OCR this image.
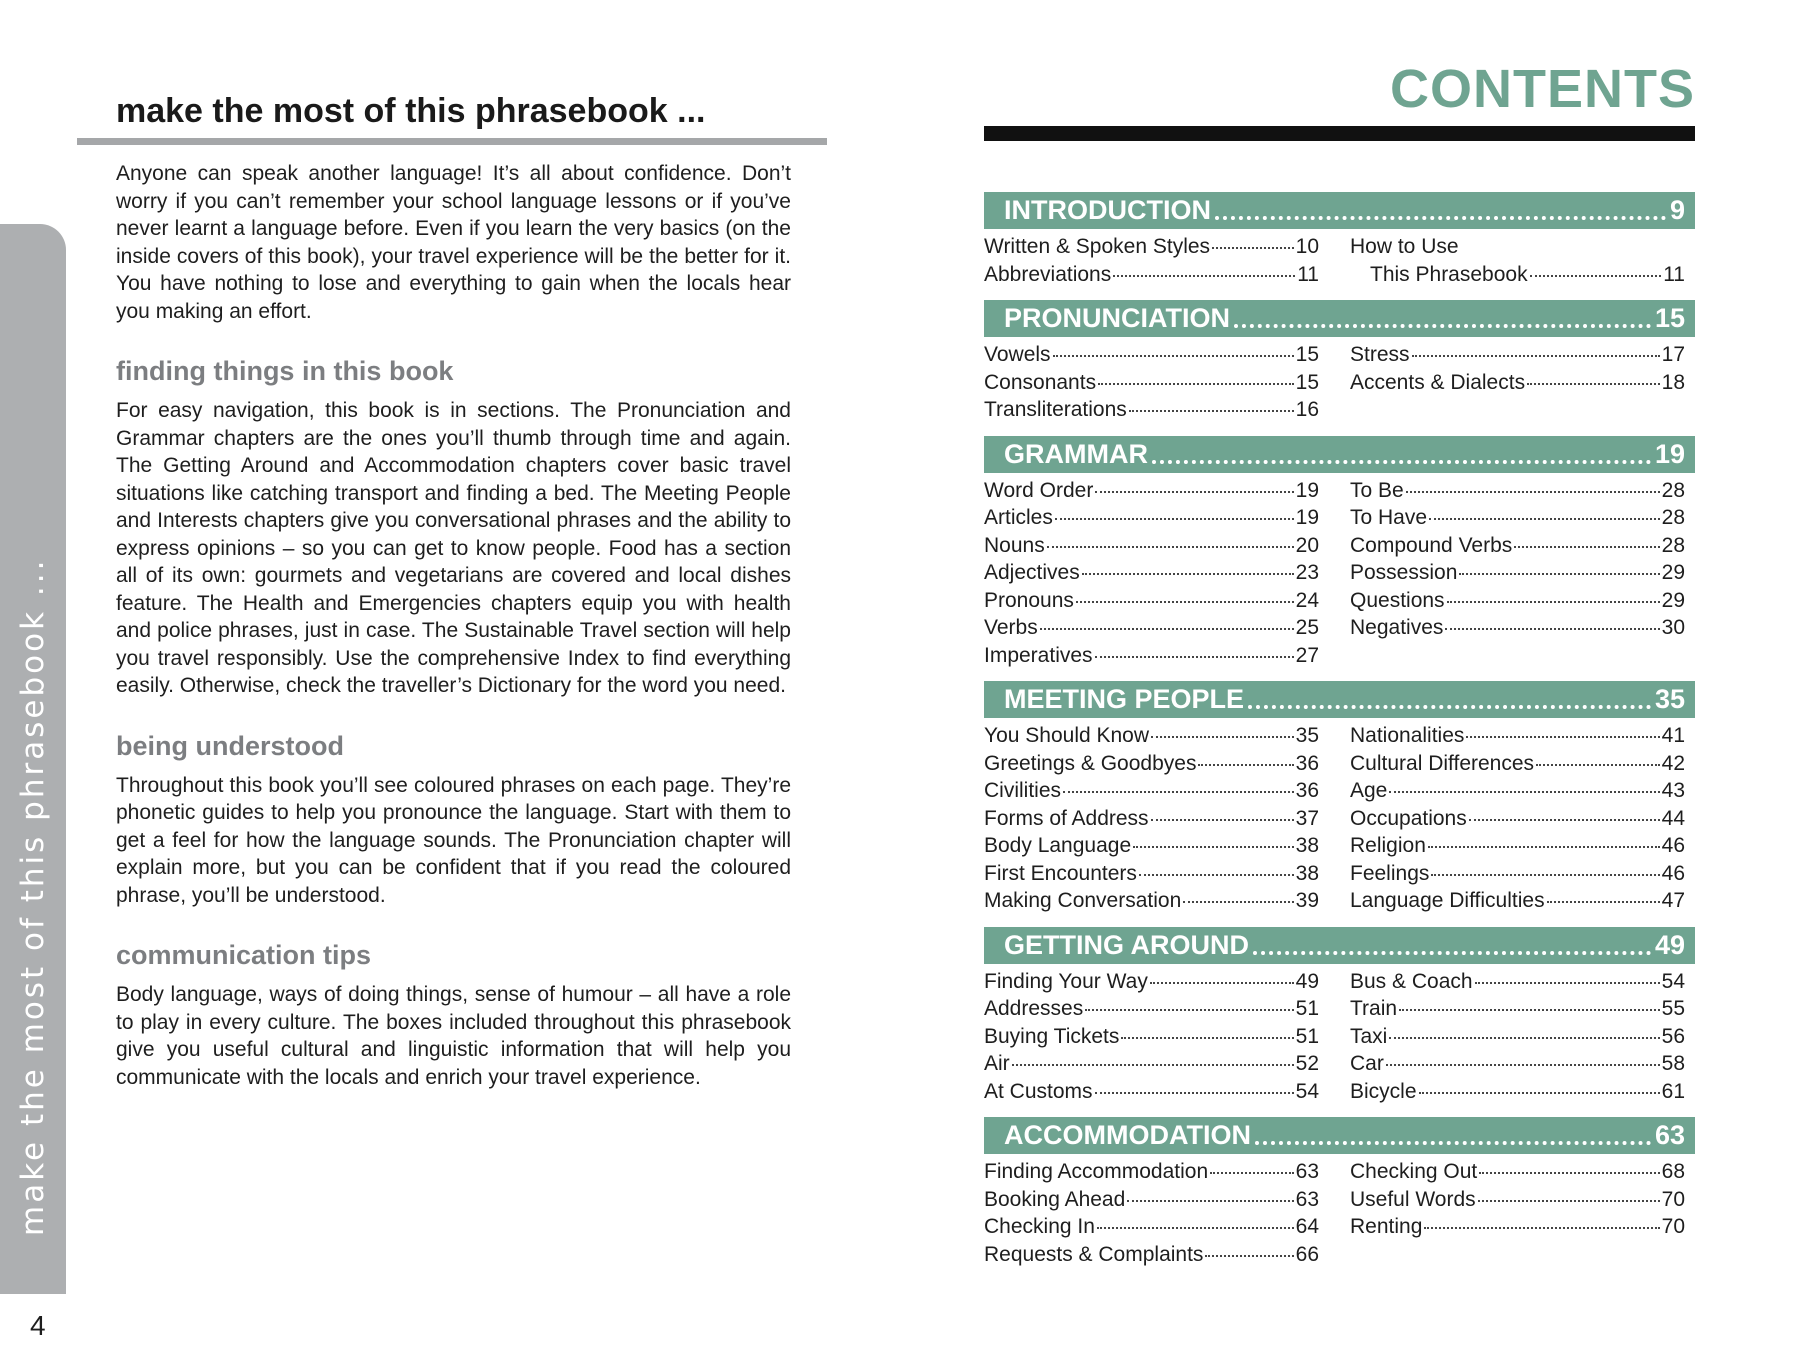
make the most of this phrasebook ...
4
make the most of this phrasebook ...

Anyone can speak another language! It’s all about confidence. Don’t worry if you can’t remember your school language lessons or if you’ve never learnt a language before. Even if you learn the very basics (on the inside covers of this book), your travel experience will be the better for it. You have nothing to lose and everything to gain when the locals hear you making an effort.

finding things in this book

For easy navigation, this book is in sections. The Pronunciation and Grammar chapters are the ones you’ll thumb through time and again. The Getting Around and Accommodation chapters cover basic travel situations like catching transport and finding a bed. The Meeting People and Interests chapters give you conversational phrases and the ability to express opinions – so you can get to know people. Food has a section all of its own: gourmets and vegetarians are covered and local dishes feature. The Health and Emergencies chapters equip you with health and police phrases, just in case. The Sustainable Travel section will help you travel responsibly. Use the comprehensive Index to find everything easily. Otherwise, check the traveller’s Dictionary for the word you need.

being understood

Throughout this book you’ll see coloured phrases on each page. They’re phonetic guides to help you pronounce the language. Start with them to get a feel for how the language sounds. The Pronunciation chapter will explain more, but you can be confident that if you read the coloured phrase, you’ll be understood.

communication tips

Body language, ways of doing things, sense of humour – all have a role to play in every culture. The boxes included throughout this phrasebook give you useful cultural and linguistic information that will help you communicate with the locals and enrich your travel experience.

CONTENTS
INTRODUCTION	9
Written & Spoken Styles	10
Abbreviations	11
How to Use
This Phrasebook	11
PRONUNCIATION	15
Vowels	15
Consonants	15
Transliterations	16
Stress	17
Accents & Dialects	18
GRAMMAR	19
Word Order	19
Articles	19
Nouns	20
Adjectives	23
Pronouns	24
Verbs	25
Imperatives	27
To Be	28
To Have	28
Compound Verbs	28
Possession	29
Questions	29
Negatives	30
MEETING PEOPLE	35
You Should Know	35
Greetings & Goodbyes	36
Civilities	36
Forms of Address	37
Body Language	38
First Encounters	38
Making Conversation	39
Nationalities	41
Cultural Differences	42
Age	43
Occupations	44
Religion	46
Feelings	46
Language Difficulties	47
GETTING AROUND	49
Finding Your Way	49
Addresses	51
Buying Tickets	51
Air	52
At Customs	54
Bus & Coach	54
Train	55
Taxi	56
Car	58
Bicycle	61
ACCOMMODATION	63
Finding Accommodation	63
Booking Ahead	63
Checking In	64
Requests & Complaints	66
Checking Out	68
Useful Words	70
Renting	70
